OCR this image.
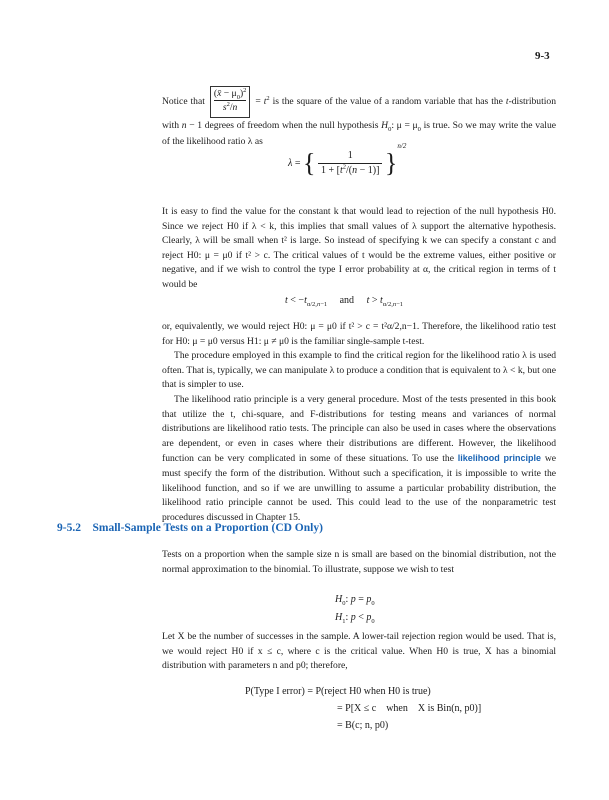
9-3

Notice that $\frac{(x̄ - \mu_0)^2}{s^2/n} = t^2$ is the square of the value of a random variable that has the t-distribution with n − 1 degrees of freedom when the null hypothesis $H_0$: $\mu = \mu_0$ is true. So we may write the value of the likelihood ratio λ as

λ = { $\frac{1}{1 + [t^2/(n - 1)]} \}^{n/2}$

It is easy to find the value for the constant k that would lead to rejection of the null hypothesis H0. Since we reject H0 if λ < k, this implies that small values of λ support the alternative hypothesis. Clearly, λ will be small when t² is large. So instead of specifying k we can specify a constant c and reject H0: μ = μ0 if t² > c. The critical values of t would be the extreme values, either positive or negative, and if we wish to control the type I error probability at α, the critical region in terms of t would be

$t < -t_{\alpha/2,n-1}$ and $t > t_{\alpha/2,n-1}$

or, equivalently, we would reject H0: μ = μ0 if t² > c = t²α/2,n−1. Therefore, the likelihood ratio test for H0: μ = μ0 versus H1: μ ≠ μ0 is the familiar single-sample t-test.

The procedure employed in this example to find the critical region for the likelihood ratio λ is used often. That is, typically, we can manipulate λ to produce a condition that is equivalent to λ < k, but one that is simpler to use.

The likelihood ratio principle is a very general procedure. Most of the tests presented in this book that utilize the t, chi-square, and F-distributions for testing means and variances of normal distributions are likelihood ratio tests. The principle can also be used in cases where the observations are dependent, or even in cases where their distributions are different. However, the likelihood function can be very complicated in some of these situations. To use the likelihood principle we must specify the form of the distribution. Without such a specification, it is impossible to write the likelihood function, and so if we are unwilling to assume a particular probability distribution, the likelihood ratio principle cannot be used. This could lead to the use of the nonparametric test procedures discussed in Chapter 15.

9-5.2 Small-Sample Tests on a Proportion (CD Only)

Tests on a proportion when the sample size n is small are based on the binomial distribution, not the normal approximation to the binomial. To illustrate, suppose we wish to test

$H_0$: $p = p_0$
$H_1$: $p < p_0$

Let X be the number of successes in the sample. A lower-tail rejection region would be used. That is, we would reject H0 if x ≤ c, where c is the critical value. When H0 is true, X has a binomial distribution with parameters n and p0; therefore,

P(Type I error) = P(reject H0 when H0 is true)
= P[X ≤ c when X is Bin(n, p0)]
= B(c; n, p0)
